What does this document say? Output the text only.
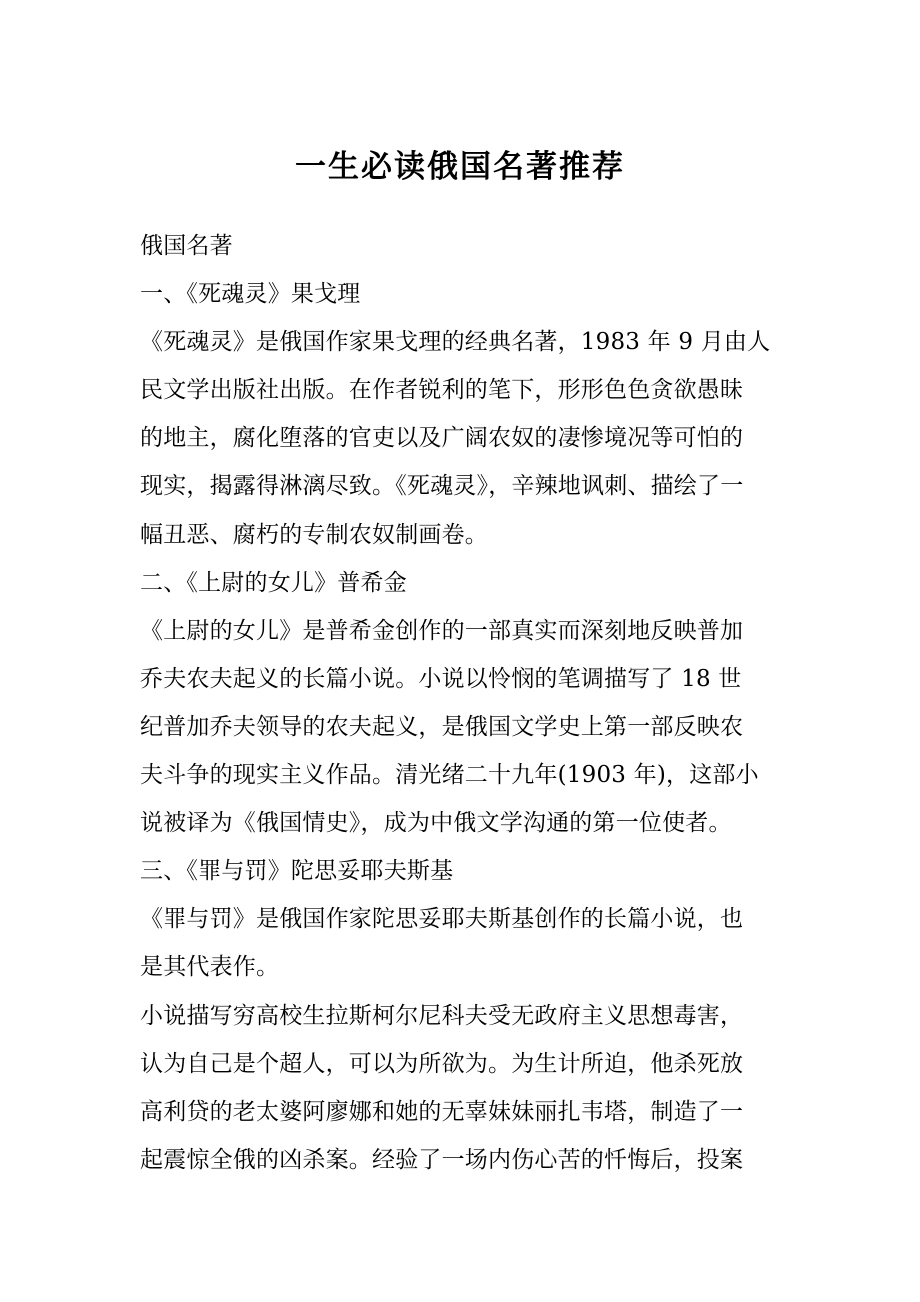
一生必读俄国名著推荐
俄国名著
一、《死魂灵》果戈理
《死魂灵》是俄国作家果戈理的经典名著，1983 年 9 月由人
民文学出版社出版。在作者锐利的笔下，形形色色贪欲愚昧
的地主，腐化堕落的官吏以及广阔农奴的凄惨境况等可怕的
现实，揭露得淋漓尽致。《死魂灵》，辛辣地讽刺、描绘了一
幅丑恶、腐朽的专制农奴制画卷。
二、《上尉的女儿》普希金
《上尉的女儿》是普希金创作的一部真实而深刻地反映普加
乔夫农夫起义的长篇小说。小说以怜悯的笔调描写了 18 世
纪普加乔夫领导的农夫起义，是俄国文学史上第一部反映农
夫斗争的现实主义作品。清光绪二十九年(1903 年)，这部小
说被译为《俄国情史》，成为中俄文学沟通的第一位使者。
三、《罪与罚》陀思妥耶夫斯基
《罪与罚》是俄国作家陀思妥耶夫斯基创作的长篇小说，也
是其代表作。
小说描写穷高校生拉斯柯尔尼科夫受无政府主义思想毒害，
认为自己是个超人，可以为所欲为。为生计所迫，他杀死放
高利贷的老太婆阿廖娜和她的无辜妹妹丽扎韦塔，制造了一
起震惊全俄的凶杀案。经验了一场内伤心苦的忏悔后，投案
